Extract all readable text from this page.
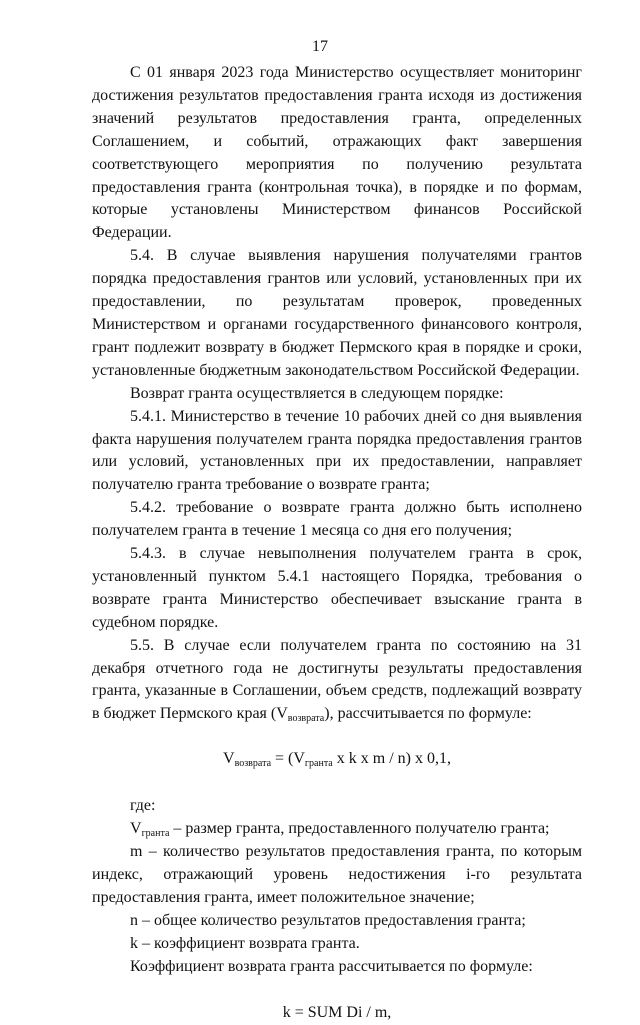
17

С 01 января 2023 года Министерство осуществляет мониторинг достижения результатов предоставления гранта исходя из достижения значений результатов предоставления гранта, определенных Соглашением, и событий, отражающих факт завершения соответствующего мероприятия по получению результата предоставления гранта (контрольная точка), в порядке и по формам, которые установлены Министерством финансов Российской Федерации.

5.4. В случае выявления нарушения получателями грантов порядка предоставления грантов или условий, установленных при их предоставлении, по результатам проверок, проведенных Министерством и органами государственного финансового контроля, грант подлежит возврату в бюджет Пермского края в порядке и сроки, установленные бюджетным законодательством Российской Федерации.

Возврат гранта осуществляется в следующем порядке:

5.4.1. Министерство в течение 10 рабочих дней со дня выявления факта нарушения получателем гранта порядка предоставления грантов или условий, установленных при их предоставлении, направляет получателю гранта требование о возврате гранта;

5.4.2. требование о возврате гранта должно быть исполнено получателем гранта в течение 1 месяца со дня его получения;

5.4.3. в случае невыполнения получателем гранта в срок, установленный пунктом 5.4.1 настоящего Порядка, требования о возврате гранта Министерство обеспечивает взыскание гранта в судебном порядке.

5.5. В случае если получателем гранта по состоянию на 31 декабря отчетного года не достигнуты результаты предоставления гранта, указанные в Соглашении, объем средств, подлежащий возврату в бюджет Пермского края $(V_{возврата})$, рассчитывается по формуле:

$V_{возврата} = (V_{гранта}$ x k x m / n) x 0,1,

где:

$V_{гранта}$ – размер гранта, предоставленного получателю гранта;

m – количество результатов предоставления гранта, по которым индекс, отражающий уровень недостижения i-го результата предоставления гранта, имеет положительное значение;

n – общее количество результатов предоставления гранта;

k – коэффициент возврата гранта.

Коэффициент возврата гранта рассчитывается по формуле:

k = SUM Di / m,
